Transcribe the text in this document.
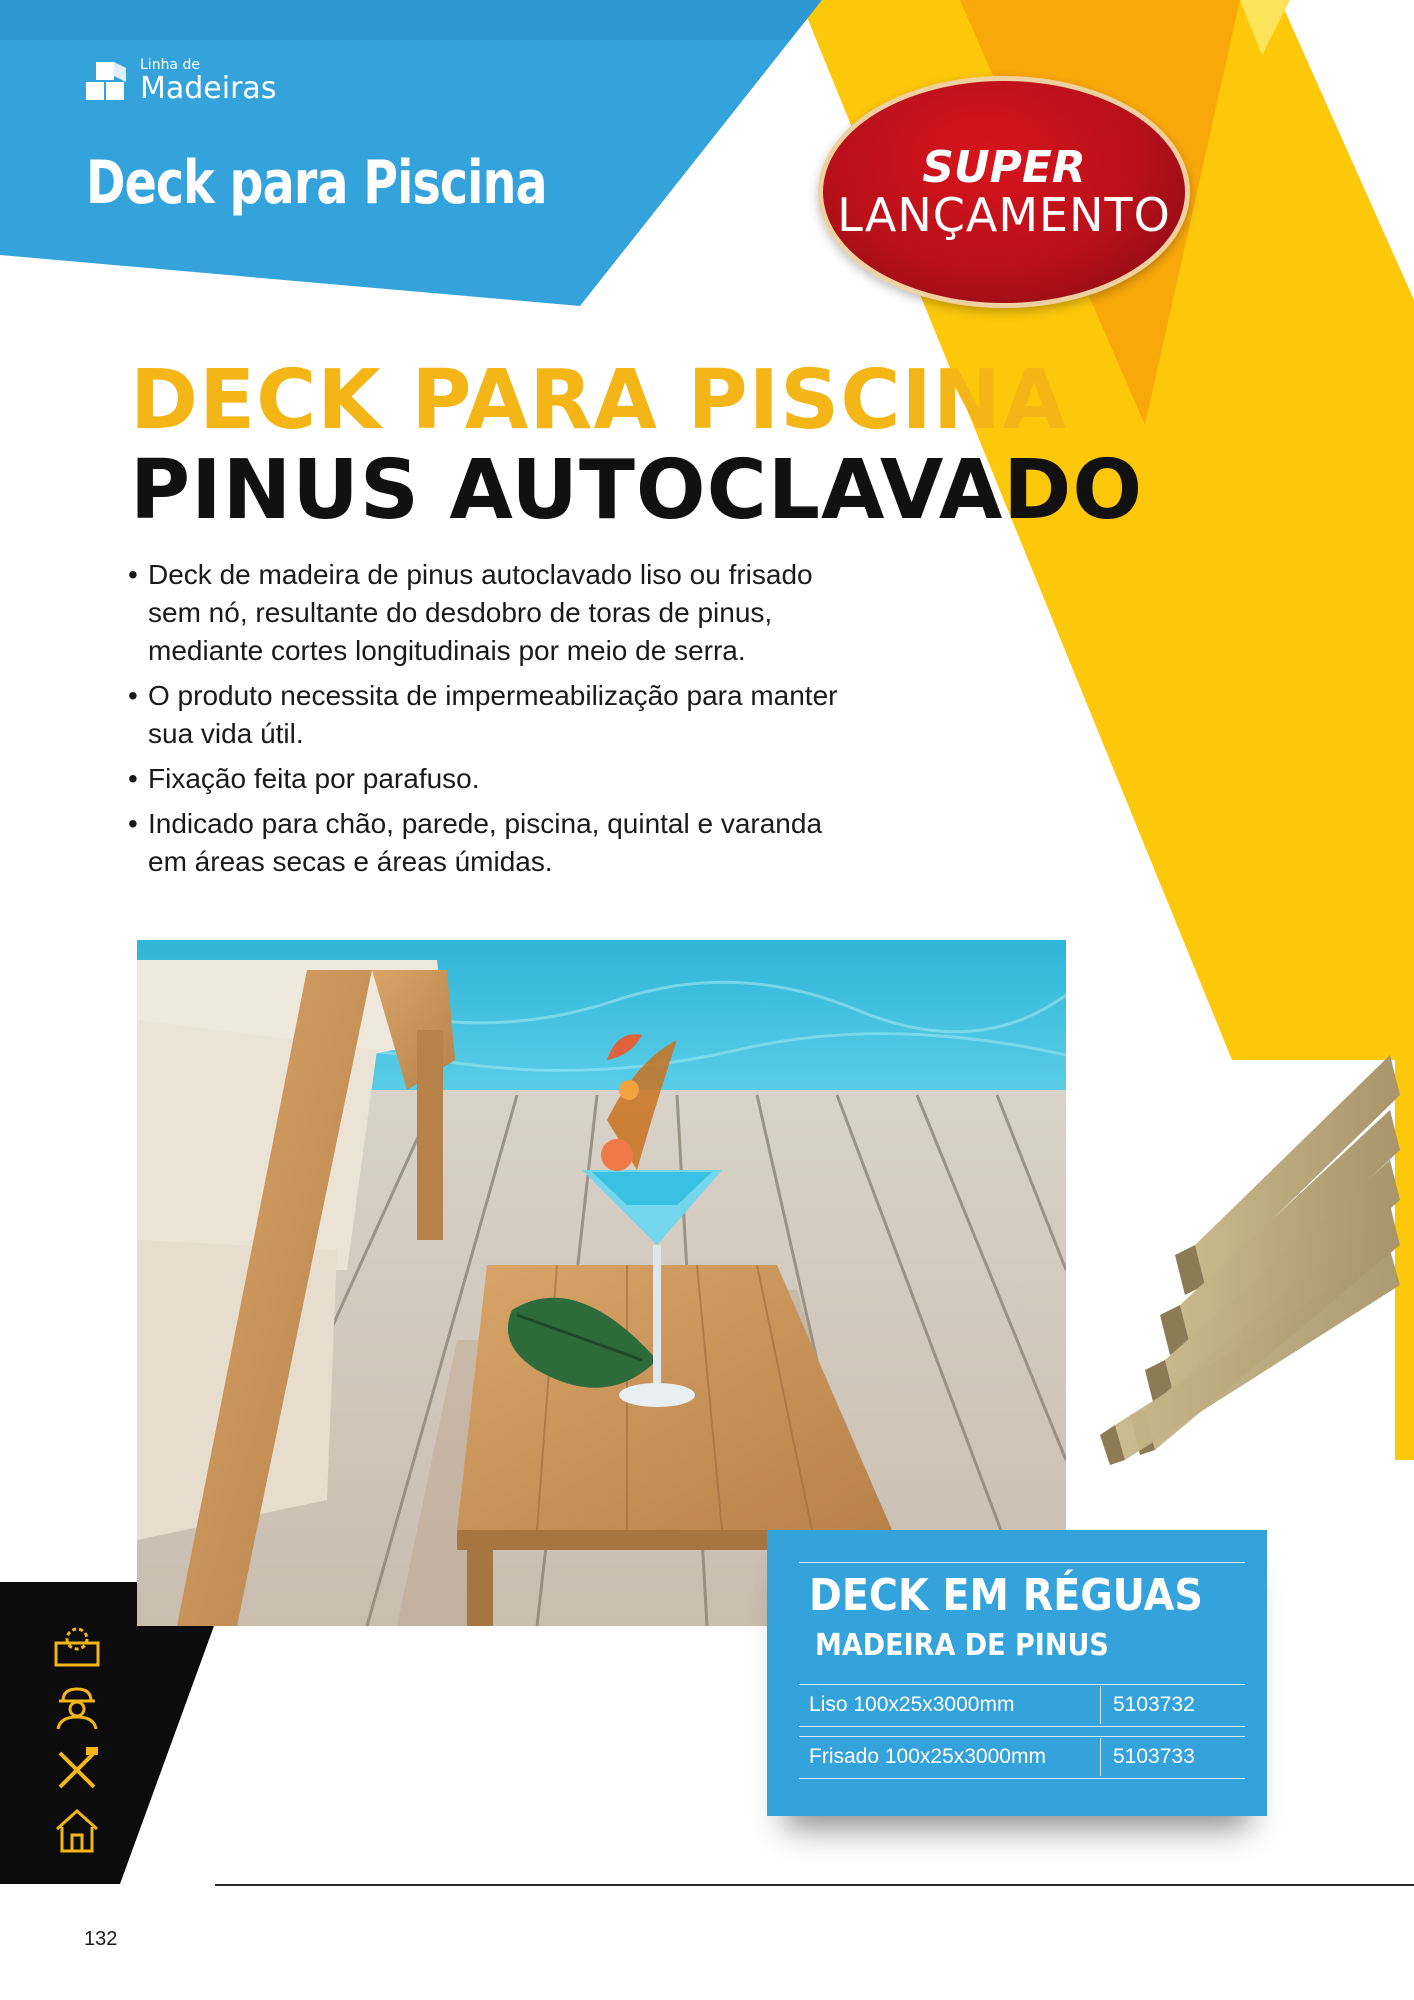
Linha de
Madeiras
Deck para Piscina	SUPER
LANÇAMENTO
DECK PARA PISCINA
PINUS AUTOCLAVADO
• Deck de madeira de pinus autoclavado liso ou frisado sem nó, resultante do desdobro de toras de pinus, mediante cortes longitudinais por meio de serra.
• O produto necessita de impermeabilização para manter sua vida útil.
• Fixação feita por parafuso.
• Indicado para chão, parede, piscina, quintal e varanda em áreas secas e áreas úmidas.
DECK EM RÉGUAS
MADEIRA DE PINUS
Liso 100x25x3000mm	5103732
Frisado 100x25x3000mm	5103733
132
